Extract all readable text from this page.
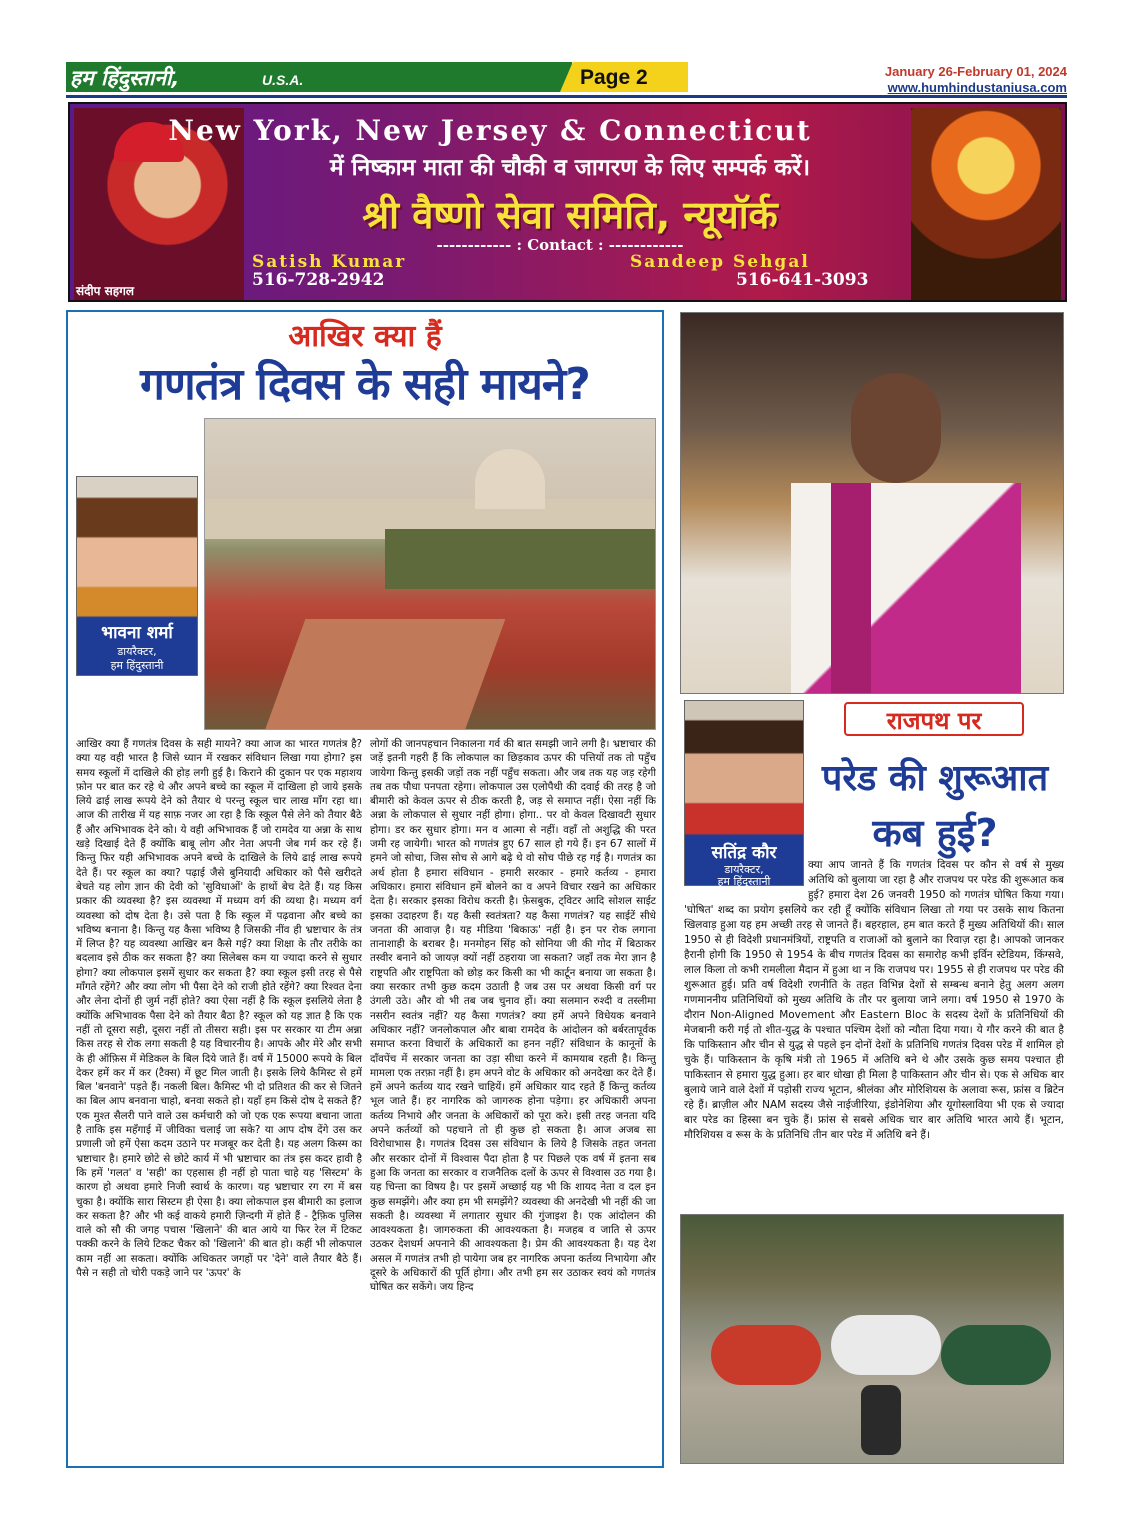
हम हिंदुस्तानी,	U.S.A.	Page 2	January 26-February 01, 2024
www.humhindustaniusa.com
संदीप सहगल
New York, New Jersey & Connecticut
में निष्काम माता की चौकी व जागरण के लिए सम्पर्क करें।
श्री वैष्णो सेवा समिति, न्यूयॉर्क
------------ : Contact : ------------
Satish Kumar
516-728-2942
Sandeep Sehgal
516-641-3093
आखिर क्या हैं
गणतंत्र दिवस के सही मायने?
भावना शर्मा
डायरैक्टर,
हम हिंदुस्तानी

आखिर क्या हैं गणतंत्र दिवस के सही मायने? क्या आज का भारत गणतंत्र है? क्या यह वही भारत है जिसे ध्यान में रखकर संविधान लिखा गया होगा? इस समय स्कूलों में दाखिले की होड़ लगी हुई है। किराने की दुकान पर एक महाशय फ़ोन पर बात कर रहे थे और अपने बच्चे का स्कूल में दाखिला हो जाये इसके लिये ढाई लाख रूपये देने को तैयार थे परन्तु स्कूल चार लाख माँग रहा था। आज की तारीख में यह साफ़ नजर आ रहा है कि स्कूल पैसे लेने को तैयार बैठे हैं और अभिभावक देने को। ये वही अभिभावक हैं जो रामदेव या अन्ना के साथ खड़े दिखाई देते हैं क्योंकि बाबू लोग और नेता अपनी जेब गर्म कर रहे हैं। किन्तु फिर यही अभिभावक अपने बच्चे के दाखिले के लिये ढाई लाख रूपये देते हैं। पर स्कूल का क्या? पढ़ाई जैसे बुनियादी अधिकार को पैसे खरीदते बेचते यह लोग ज्ञान की देवी को 'सुविधाओं' के हाथों बेच देते हैं। यह किस प्रकार की व्यवस्था है? इस व्यवस्था में मध्यम वर्ग की व्यथा है। मध्यम वर्ग व्यवस्था को दोष देता है। उसे पता है कि स्कूल में पढ़वाना और बच्चे का भविष्य बनाना है। किन्तु यह कैसा भविष्य है जिसकी नींव ही भ्रष्टाचार के तंत्र में लिप्त है? यह व्यवस्था आखिर बन कैसे गई? क्या शिक्षा के तौर तरीके का बदलाव इसे ठीक कर सकता है? क्या सिलेबस कम या ज्यादा करने से सुधार होगा? क्या लोकपाल इसमें सुधार कर सकता है? क्या स्कूल इसी तरह से पैसे माँगते रहेंगे? और क्या लोग भी पैसा देने को राजी होते रहेंगे? क्या रिश्वत देना और लेना दोनों ही जुर्म नहीं होते? क्या ऐसा नहीं है कि स्कूल इसलिये लेता है क्योंकि अभिभावक पैसा देने को तैयार बैठा है? स्कूल को यह ज्ञात है कि एक नहीं तो दूसरा सही, दूसरा नहीं तो तीसरा सही। इस पर सरकार या टीम अन्ना किस तरह से रोक लगा सकती है यह विचारनीय है। आपके और मेरे और सभी के ही ऑफ़िस में मेडिकल के बिल दिये जाते हैं। वर्ष में 15000 रूपये के बिल देकर हमें कर में कर (टैक्स) में छूट मिल जाती है। इसके लिये कैमिस्ट से हमें बिल 'बनवाने' पड़ते हैं। नकली बिल। कैमिस्ट भी दो प्रतिशत की कर से जितने का बिल आप बनवाना चाहो, बनवा सकते हो। यहाँ हम किसे दोष दे सकते हैं? एक मुश्त सैलरी पाने वाले उस कर्मचारी को जो एक एक रूपया बचाना जाता है ताकि इस महँगाई में जीविका चलाई जा सके? या आप दोष देंगे उस कर प्रणाली जो हमें ऐसा कदम उठाने पर मजबूर कर देती है। यह अलग किस्म का भ्रष्टाचार है। हमारे छोटे से छोटे कार्य में भी भ्रष्टाचार का तंत्र इस कदर हावी है कि हमें 'गलत' व 'सही' का एहसास ही नहीं हो पाता चाहे यह 'सिस्टम' के कारण हो अथवा हमारे निजी स्वार्थ के कारण। यह भ्रष्टाचार रग रग में बस चुका है। क्योंकि सारा सिस्टम ही ऐसा है। क्या लोकपाल इस बीमारी का इलाज कर सकता है? और भी कई वाकये हमारी ज़िन्दगी में होते हैं - ट्रैफ़िक पुलिस वाले को सौ की जगह पचास 'खिलाने' की बात आये या फिर रेल में टिकट पक्की करने के लिये टिकट चैकर को 'खिलाने' की बात हो। कहीं भी लोकपाल काम नहीं आ सकता। क्योंकि अधिकतर जगहों पर 'देने' वाले तैयार बैठे हैं। पैसे न सही तो चोरी पकड़े जाने पर 'ऊपर' के

लोगों की जानपहचान निकालना गर्व की बात समझी जाने लगी है। भ्रष्टाचार की जड़ें इतनी गहरी हैं कि लोकपाल का छिड़काव ऊपर की पत्तियों तक तो पहुँच जायेगा किन्तु इसकी जड़ों तक नहीं पहुँच सकता। और जब तक यह जड़ रहेगी तब तक पौधा पनपता रहेगा। लोकपाल उस एलोपैथी की दवाई की तरह है जो बीमारी को केवल ऊपर से ठीक करती है, जड़ से समाप्त नहीं। ऐसा नहीं कि अन्ना के लोकपाल से सुधार नहीं होगा। होगा.. पर वो केवल दिखावटी सुधार होगा। डर कर सुधार होगा। मन व आत्मा से नहीं। वहाँ तो अशुद्धि की परत जमी रह जायेगी। भारत को गणतंत्र हुए 67 साल हो गये हैं। इन 67 सालों में हमने जो सोचा, जिस सोच से आगे बढ़े थे वो सोच पीछे रह गई है। गणतंत्र का अर्थ होता है हमारा संविधान - हमारी सरकार - हमारे कर्तव्य - हमारा अधिकार। हमारा संविधान हमें बोलने का व अपने विचार रखने का अधिकार देता है। सरकार इसका विरोध करती है। फ़ेसबुक, ट्विटर आदि सोशल साईट इसका उदाहरण हैं। यह कैसी स्वतंत्रता? यह कैसा गणतंत्र? यह साईटें सीधे जनता की आवाज़ है। यह मीडिया 'बिकाऊ' नहीं है। इन पर रोक लगाना तानाशाही के बराबर है। मनमोहन सिंह को सोनिया जी की गोद में बिठाकर तस्वीर बनाने को जायज़ क्यों नहीं ठहराया जा सकता? जहाँ तक मेरा ज्ञान है राष्ट्रपति और राष्ट्रपिता को छोड़ कर किसी का भी कार्टून बनाया जा सकता है। क्या सरकार तभी कुछ कदम उठाती है जब उस पर अथवा किसी वर्ग पर उंगली उठे। और वो भी तब जब चुनाव हों। क्या सलमान रुश्दी व तस्लीमा नसरीन स्वतंत्र नहीं? यह कैसा गणतंत्र? क्या हमें अपने विधेयक बनवाने अधिकार नहीं? जनलोकपाल और बाबा रामदेव के आंदोलन को बर्बरतापूर्वक समाप्त करना विचारों के अधिकारों का हनन नहीं? संविधान के कानूनों के दाँवपेंच में सरकार जनता का उड़ा सीधा करने में कामयाब रहती है। किन्तु मामला एक तरफ़ा नहीं है। हम अपने वोट के अधिकार को अनदेखा कर देते हैं। हमें अपने कर्तव्य याद रखने चाहियें। हमें अधिकार याद रहते हैं किन्तु कर्तव्य भूल जाते हैं। हर नागरिक को जागरुक होना पड़ेगा। हर अधिकारी अपना कर्तव्य निभाये और जनता के अधिकारों को पूरा करे। इसी तरह जनता यदि अपने कर्तव्यों को पहचाने तो ही कुछ हो सकता है। आज अजब सा विरोधाभास है। गणतंत्र दिवस उस संविधान के लिये है जिसके तहत जनता और सरकार दोनों में विश्वास पैदा होता है पर पिछले एक वर्ष में इतना सब हुआ कि जनता का सरकार व राजनैतिक दलों के ऊपर से विश्वास उठ गया है। यह चिन्ता का विषय है। पर इसमें अच्छाई यह भी कि शायद नेता व दल इन कुछ समझेंगे। और क्या हम भी समझेंगे? व्यवस्था की अनदेखी भी नहीं की जा सकती है। व्यवस्था में लगातार सुधार की गुंजाइश है। एक आंदोलन की आवश्यकता है। जागरुकता की आवश्यकता है। मजहब व जाति से ऊपर उठकर देशधर्म अपनाने की आवश्यकता है। प्रेम की आवश्यकता है। यह देश असल में गणतंत्र तभी हो पायेगा जब हर नागरिक अपना कर्तव्य निभायेगा और दूसरे के अधिकारों की पूर्ति होगा। और तभी हम सर उठाकर स्वयं को गणतंत्र घोषित कर सकेंगे। जय हिन्द

सतिंद्र कौर
डायरैक्टर,
हम हिंदुस्तानी
राजपथ पर
परेड की शुरूआत
कब हुई?

क्या आप जानते हैं कि गणतंत्र दिवस पर कौन से वर्ष से मुख्य अतिथि को बुलाया जा रहा है और राजपथ पर परेड की शुरूआत कब हुई? हमारा देश 26 जनवरी 1950 को गणतंत्र घोषित किया गया। 'घोषित' शब्द का प्रयोग इसलिये कर रही हूँ क्योंकि संविधान लिखा तो गया पर उसके साथ कितना खिलवाड़ हुआ यह हम अच्छी तरह से जानते हैं। बहरहाल, हम बात करते हैं मुख्य अतिथियों की। साल 1950 से ही विदेशी प्रधानमंत्रियों, राष्ट्रपति व राजाओं को बुलाने का रिवाज़ रहा है। आपको जानकर हैरानी होगी कि 1950 से 1954 के बीच गणतंत्र दिवस का समारोह कभी इर्विन स्टेडियम, किंग्सवे, लाल किला तो कभी रामलीला मैदान में हुआ था न कि राजपथ पर। 1955 से ही राजपथ पर परेड की शुरूआत हुई। प्रति वर्ष विदेशी रणनीति के तहत विभिन्न देशों से सम्बन्ध बनाने हेतु अलग अलग गणमाननीय प्रतिनिधियों को मुख्य अतिथि के तौर पर बुलाया जाने लगा। वर्ष 1950 से 1970 के दौरान Non-Aligned Movement और Eastern Bloc के सदस्य देशों के प्रतिनिधियों की मेजबानी करी गई तो शीत-युद्ध के पश्चात पश्चिम देशों को न्यौता दिया गया। ये गौर करने की बात है कि पाकिस्तान और चीन से युद्ध से पहले इन दोनों देशों के प्रतिनिधि गणतंत्र दिवस परेड में शामिल हो चुके हैं। पाकिस्तान के कृषि मंत्री तो 1965 में अतिथि बने थे और उसके कुछ समय पश्चात ही पाकिस्तान से हमारा युद्ध हुआ। हर बार धोखा ही मिला है पाकिस्तान और चीन से। एक से अधिक बार बुलाये जाने वाले देशों में पड़ोसी राज्य भूटान, श्रीलंका और मोरिशियस के अलावा रूस, फ्रांस व ब्रिटेन रहे हैं। ब्राज़ील और NAM सदस्य जैसे नाईजीरिया, इंडोनेशिया और यूगोस्लाविया भी एक से ज्यादा बार परेड का हिस्सा बन चुके हैं। फ्रांस से सबसे अधिक चार बार अतिथि भारत आये हैं। भूटान, मौरिशियस व रूस के के प्रतिनिधि तीन बार परेड में अतिथि बने हैं।
